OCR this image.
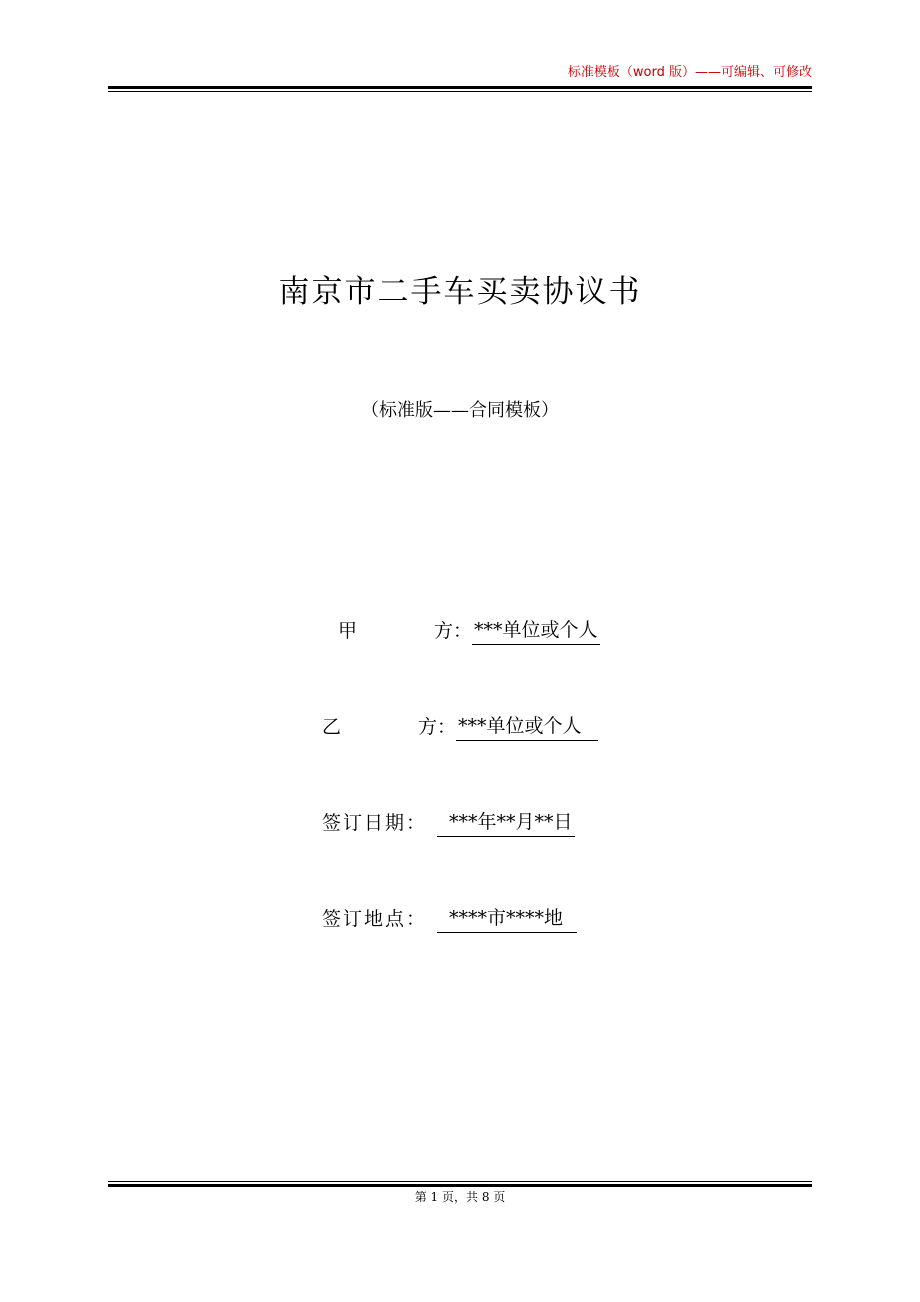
标准模板（word 版）——可编辑、可修改
南京市二手车买卖协议书
（标准版——合同模板）
甲	方： ***单位或个人
乙	方： ***单位或个人
签订日期： ***年**月**日
签订地点： ****市****地
第 1 页，共 8 页
